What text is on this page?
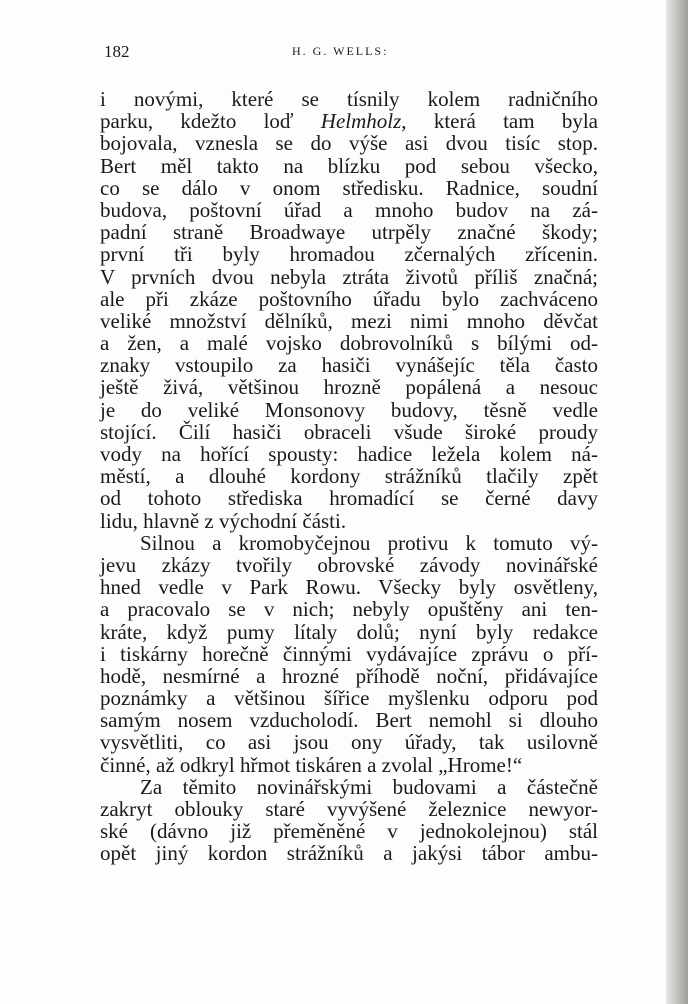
182	H. G. WELLS:
i novými, které se tísnily kolem radničního
parku, kdežto loď Helmholz, která tam byla
bojovala, vznesla se do výše asi dvou tisíc stop.
Bert měl takto na blízku pod sebou všecko,
co se dálo v onom středisku. Radnice, soudní
budova, poštovní úřad a mnoho budov na zá-
padní straně Broadwaye utrpěly značné škody;
první tři byly hromadou zčernalých zřícenin.
V prvních dvou nebyla ztráta životů příliš značná;
ale při zkáze poštovního úřadu bylo zachváceno
veliké množství dělníků, mezi nimi mnoho děvčat
a žen, a malé vojsko dobrovolníků s bílými od-
znaky vstoupilo za hasiči vynášejíc těla často
ještě živá, většinou hrozně popálená a nesouc
je do veliké Monsonovy budovy, těsně vedle
stojící. Čilí hasiči obraceli všude široké proudy
vody na hořící spousty: hadice ležela kolem ná-
městí, a dlouhé kordony strážníků tlačily zpět
od tohoto střediska hromadící se černé davy
lidu, hlavně z východní části.
Silnou a kromobyčejnou protivu k tomuto vý-
jevu zkázy tvořily obrovské závody novinářské
hned vedle v Park Rowu. Všecky byly osvětleny,
a pracovalo se v nich; nebyly opuštěny ani ten-
kráte, když pumy lítaly dolů; nyní byly redakce
i tiskárny horečně činnými vydávajíce zprávu o pří-
hodě, nesmírné a hrozné příhodě noční, přidávajíce
poznámky a většinou šířice myšlenku odporu pod
samým nosem vzducholodí. Bert nemohl si dlouho
vysvětliti, co asi jsou ony úřady, tak usilovně
činné, až odkryl hřmot tiskáren a zvolal „Hrome!“
Za těmito novinářskými budovami a částečně
zakryt oblouky staré vyvýšené železnice newyor-
ské (dávno již přeměněné v jednokolejnou) stál
opět jiný kordon strážníků a jakýsi tábor ambu-
